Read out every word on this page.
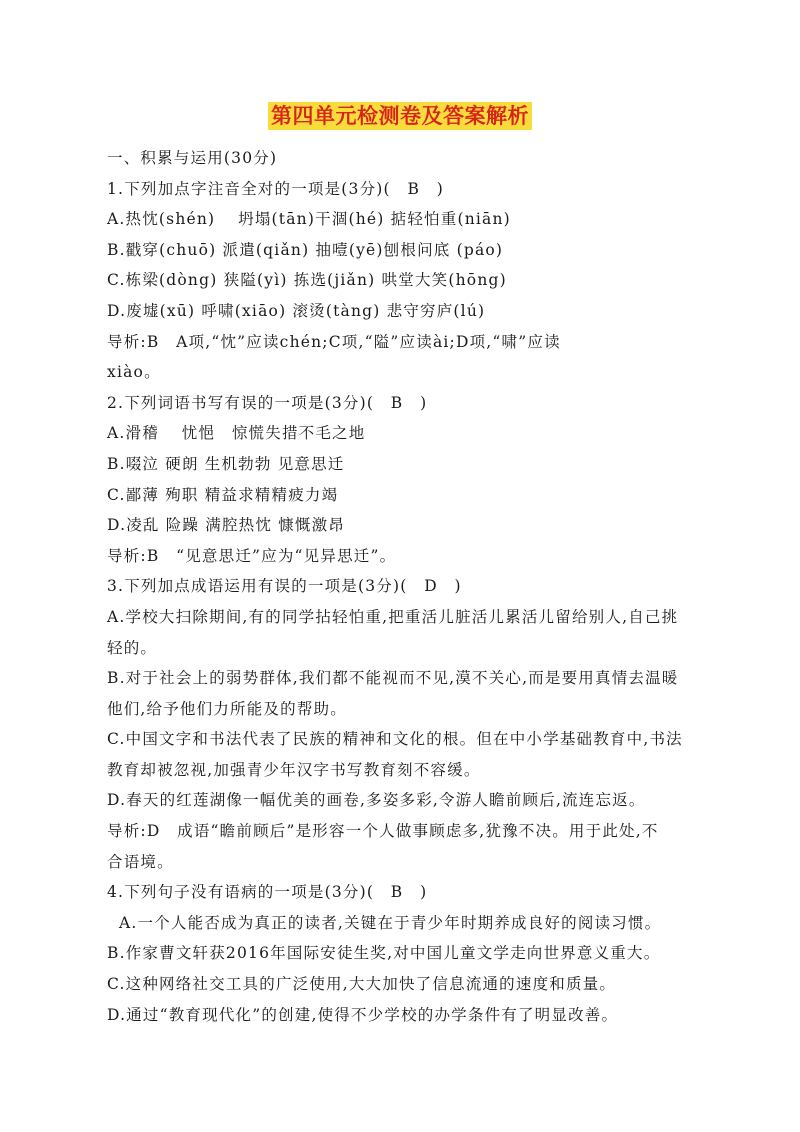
第四单元检测卷及答案解析
一、积累与运用(30分)
1.下列加点字注音全对的一项是(3分)(　B　)
A.热忱(shén)　 坍塌(tān)干涸(hé) 掂轻怕重(niān)
B.戳穿(chuō) 派遣(qiǎn) 抽噎(yē)刨根问底 (páo)
C.栋梁(dòng) 狭隘(yì) 拣选(jiǎn) 哄堂大笑(hōng)
D.废墟(xū) 呼啸(xiāo) 滚烫(tàng) 悲守穷庐(lú)
导析:B　A项,“忱”应读chén;C项,“隘”应读ài;D项,“啸”应读
xiào。
2.下列词语书写有误的一项是(3分)(　B　)
A.滑稽　 忧悒　惊慌失措不毛之地
B.啜泣 硬朗 生机勃勃 见意思迁
C.鄙薄 殉职 精益求精精疲力竭
D.凌乱 险躁 满腔热忱 慷慨激昂
导析:B　“见意思迁”应为“见异思迁”。
3.下列加点成语运用有误的一项是(3分)(　D　)
A.学校大扫除期间,有的同学拈轻怕重,把重活儿脏活儿累活儿留给别人,自己挑
轻的。
B.对于社会上的弱势群体,我们都不能视而不见,漠不关心,而是要用真情去温暖
他们,给予他们力所能及的帮助。
C.中国文字和书法代表了民族的精神和文化的根。但在中小学基础教育中,书法
教育却被忽视,加强青少年汉字书写教育刻不容缓。
D.春天的红莲湖像一幅优美的画卷,多姿多彩,令游人瞻前顾后,流连忘返。
导析:D　成语“瞻前顾后”是形容一个人做事顾虑多,犹豫不决。用于此处,不
合语境。
4.下列句子没有语病的一项是(3分)(　B　)
A.一个人能否成为真正的读者,关键在于青少年时期养成良好的阅读习惯。
B.作家曹文轩获2016年国际安徒生奖,对中国儿童文学走向世界意义重大。
C.这种网络社交工具的广泛使用,大大加快了信息流通的速度和质量。
D.通过“教育现代化”的创建,使得不少学校的办学条件有了明显改善。
